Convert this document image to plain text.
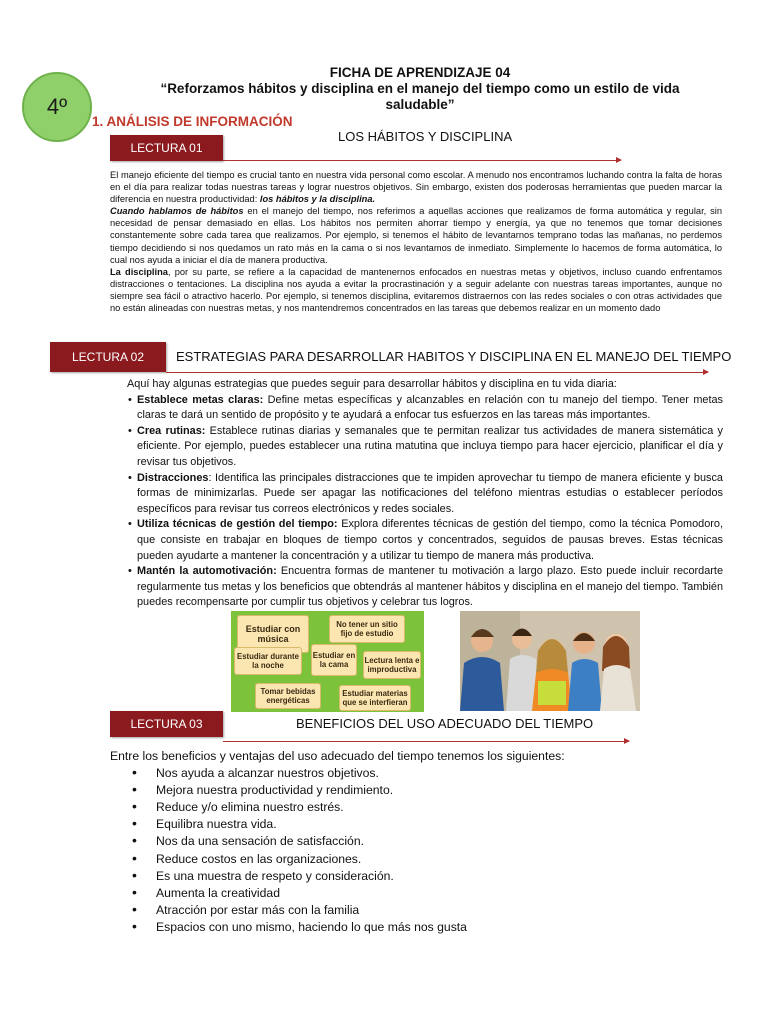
4º
FICHA DE APRENDIZAJE 04
“Reforzamos hábitos y disciplina en el manejo del tiempo como un estilo de vida
saludable”
1. ANÁLISIS DE INFORMACIÓN
LECTURA 01
LOS HÁBITOS Y DISCIPLINA
El manejo eficiente del tiempo es crucial tanto en nuestra vida personal como escolar. A menudo nos encontramos luchando contra la falta de horas en el día para realizar todas nuestras tareas y lograr nuestros objetivos. Sin embargo, existen dos poderosas herramientas que pueden marcar la diferencia en nuestra productividad: los hábitos y la disciplina.
Cuando hablamos de hábitos en el manejo del tiempo, nos referimos a aquellas acciones que realizamos de forma automática y regular, sin necesidad de pensar demasiado en ellas. Los hábitos nos permiten ahorrar tiempo y energía, ya que no tenemos que tomar decisiones constantemente sobre cada tarea que realizamos. Por ejemplo, si tenemos el hábito de levantarnos temprano todas las mañanas, no perdemos tiempo decidiendo si nos quedamos un rato más en la cama o si nos levantamos de inmediato. Simplemente lo hacemos de forma automática, lo cual nos ayuda a iniciar el día de manera productiva.
La disciplina, por su parte, se refiere a la capacidad de mantenernos enfocados en nuestras metas y objetivos, incluso cuando enfrentamos distracciones o tentaciones. La disciplina nos ayuda a evitar la procrastinación y a seguir adelante con nuestras tareas importantes, aunque no siempre sea fácil o atractivo hacerlo. Por ejemplo, si tenemos disciplina, evitaremos distraernos con las redes sociales o con otras actividades que no están alineadas con nuestras metas, y nos mantendremos concentrados en las tareas que debemos realizar en un momento dado
LECTURA 02 ESTRATEGIAS PARA DESARROLLAR HABITOS Y DISCIPLINA EN EL MANEJO DEL TIEMPO
Aquí hay algunas estrategias que puedes seguir para desarrollar hábitos y disciplina en tu vida diaria:
• Establece metas claras: Define metas específicas y alcanzables en relación con tu manejo del tiempo. Tener metas claras te dará un sentido de propósito y te ayudará a enfocar tus esfuerzos en las tareas más importantes.
• Crea rutinas: Establece rutinas diarias y semanales que te permitan realizar tus actividades de manera sistemática y eficiente. Por ejemplo, puedes establecer una rutina matutina que incluya tiempo para hacer ejercicio, planificar el día y revisar tus objetivos.
• Distracciones: Identifica las principales distracciones que te impiden aprovechar tu tiempo de manera eficiente y busca formas de minimizarlas. Puede ser apagar las notificaciones del teléfono mientras estudias o establecer períodos específicos para revisar tus correos electrónicos y redes sociales.
• Utiliza técnicas de gestión del tiempo: Explora diferentes técnicas de gestión del tiempo, como la técnica Pomodoro, que consiste en trabajar en bloques de tiempo cortos y concentrados, seguidos de pausas breves. Estas técnicas pueden ayudarte a mantener la concentración y a utilizar tu tiempo de manera más productiva.
• Mantén la automotivación: Encuentra formas de mantener tu motivación a largo plazo. Esto puede incluir recordarte regularmente tus metas y los beneficios que obtendrás al mantener hábitos y disciplina en el manejo del tiempo. También puedes recompensarte por cumplir tus objetivos y celebrar tus logros.
Estudiar con música
No tener un sitio fijo de estudio
Estudiar durante la noche
Estudiar en la cama	Lectura lenta e improductiva
Tomar bebidas energéticas
Estudiar materias que se interfieran
LECTURA 03	BENEFICIOS DEL USO ADECUADO DEL TIEMPO
Entre los beneficios y ventajas del uso adecuado del tiempo tenemos los siguientes:
• Nos ayuda a alcanzar nuestros objetivos.
• Mejora nuestra productividad y rendimiento.
• Reduce y/o elimina nuestro estrés.
• Equilibra nuestra vida.
• Nos da una sensación de satisfacción.
• Reduce costos en las organizaciones.
• Es una muestra de respeto y consideración.
• Aumenta la creatividad
• Atracción por estar más con la familia
• Espacios con uno mismo, haciendo lo que más nos gusta
